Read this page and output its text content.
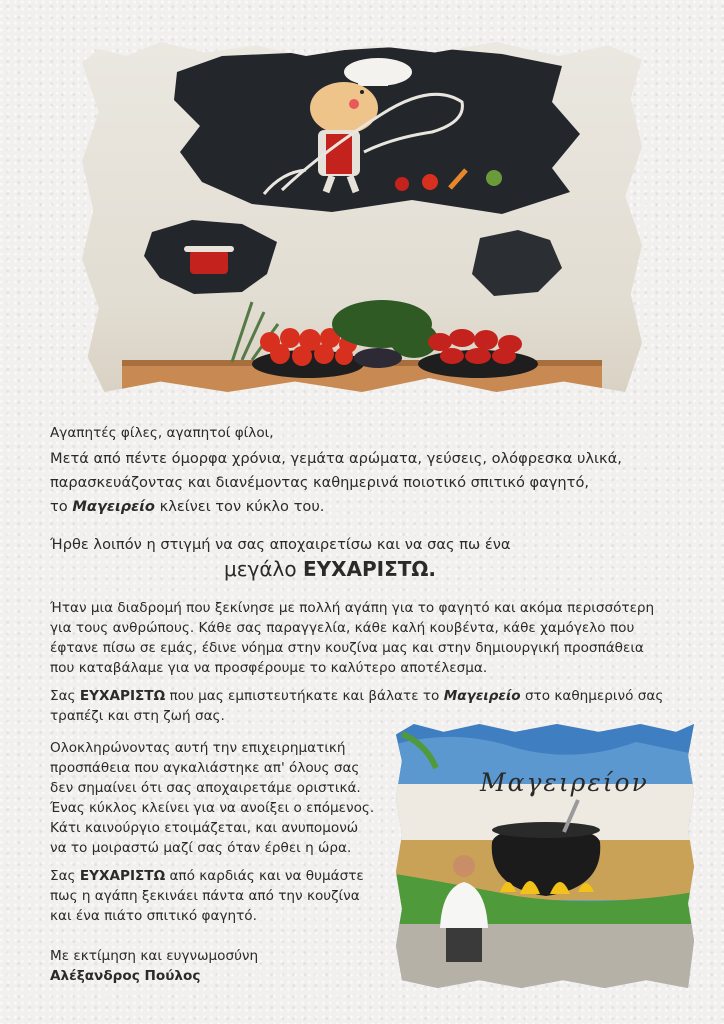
Αγαπητές φίλες, αγαπητοί φίλοι,

Μετά από πέντε όμορφα χρόνια, γεμάτα αρώματα, γεύσεις, ολόφρεσκα υλικά,

παρασκευάζοντας και διανέμοντας καθημερινά ποιοτικό σπιτικό φαγητό,

το Μαγειρείο κλείνει τον κύκλο του.

Ήρθε λοιπόν η στιγμή να σας αποχαιρετίσω και να σας πω ένα

μεγάλο ΕΥΧΑΡΙΣΤΩ.

Ήταν μια διαδρομή που ξεκίνησε με πολλή αγάπη για το φαγητό και ακόμα περισσότερη

για τους ανθρώπους. Κάθε σας παραγγελία, κάθε καλή κουβέντα, κάθε χαμόγελο που

έφτανε πίσω σε εμάς, έδινε νόημα στην κουζίνα μας και στην δημιουργική προσπάθεια

που καταβάλαμε για να προσφέρουμε το καλύτερο αποτέλεσμα.

Σας ΕΥΧΑΡΙΣΤΩ που μας εμπιστευτήκατε και βάλατε το Μαγειρείο στο καθημερινό σας

τραπέζι και στη ζωή σας.

Ολοκληρώνοντας αυτή την επιχειρηματική

προσπάθεια που αγκαλιάστηκε απ' όλους σας

δεν σημαίνει ότι σας αποχαιρετάμε οριστικά.

Ένας κύκλος κλείνει για να ανοίξει ο επόμενος.

Κάτι καινούργιο ετοιμάζεται, και ανυπομονώ

να το μοιραστώ μαζί σας όταν έρθει η ώρα.

Σας ΕΥΧΑΡΙΣΤΩ από καρδιάς και να θυμάστε

πως η αγάπη ξεκινάει πάντα από την κουζίνα

και ένα πιάτο σπιτικό φαγητό.

Με εκτίμηση και ευγνωμοσύνη

Αλέξανδρος Πούλος

Μαγειρείον
